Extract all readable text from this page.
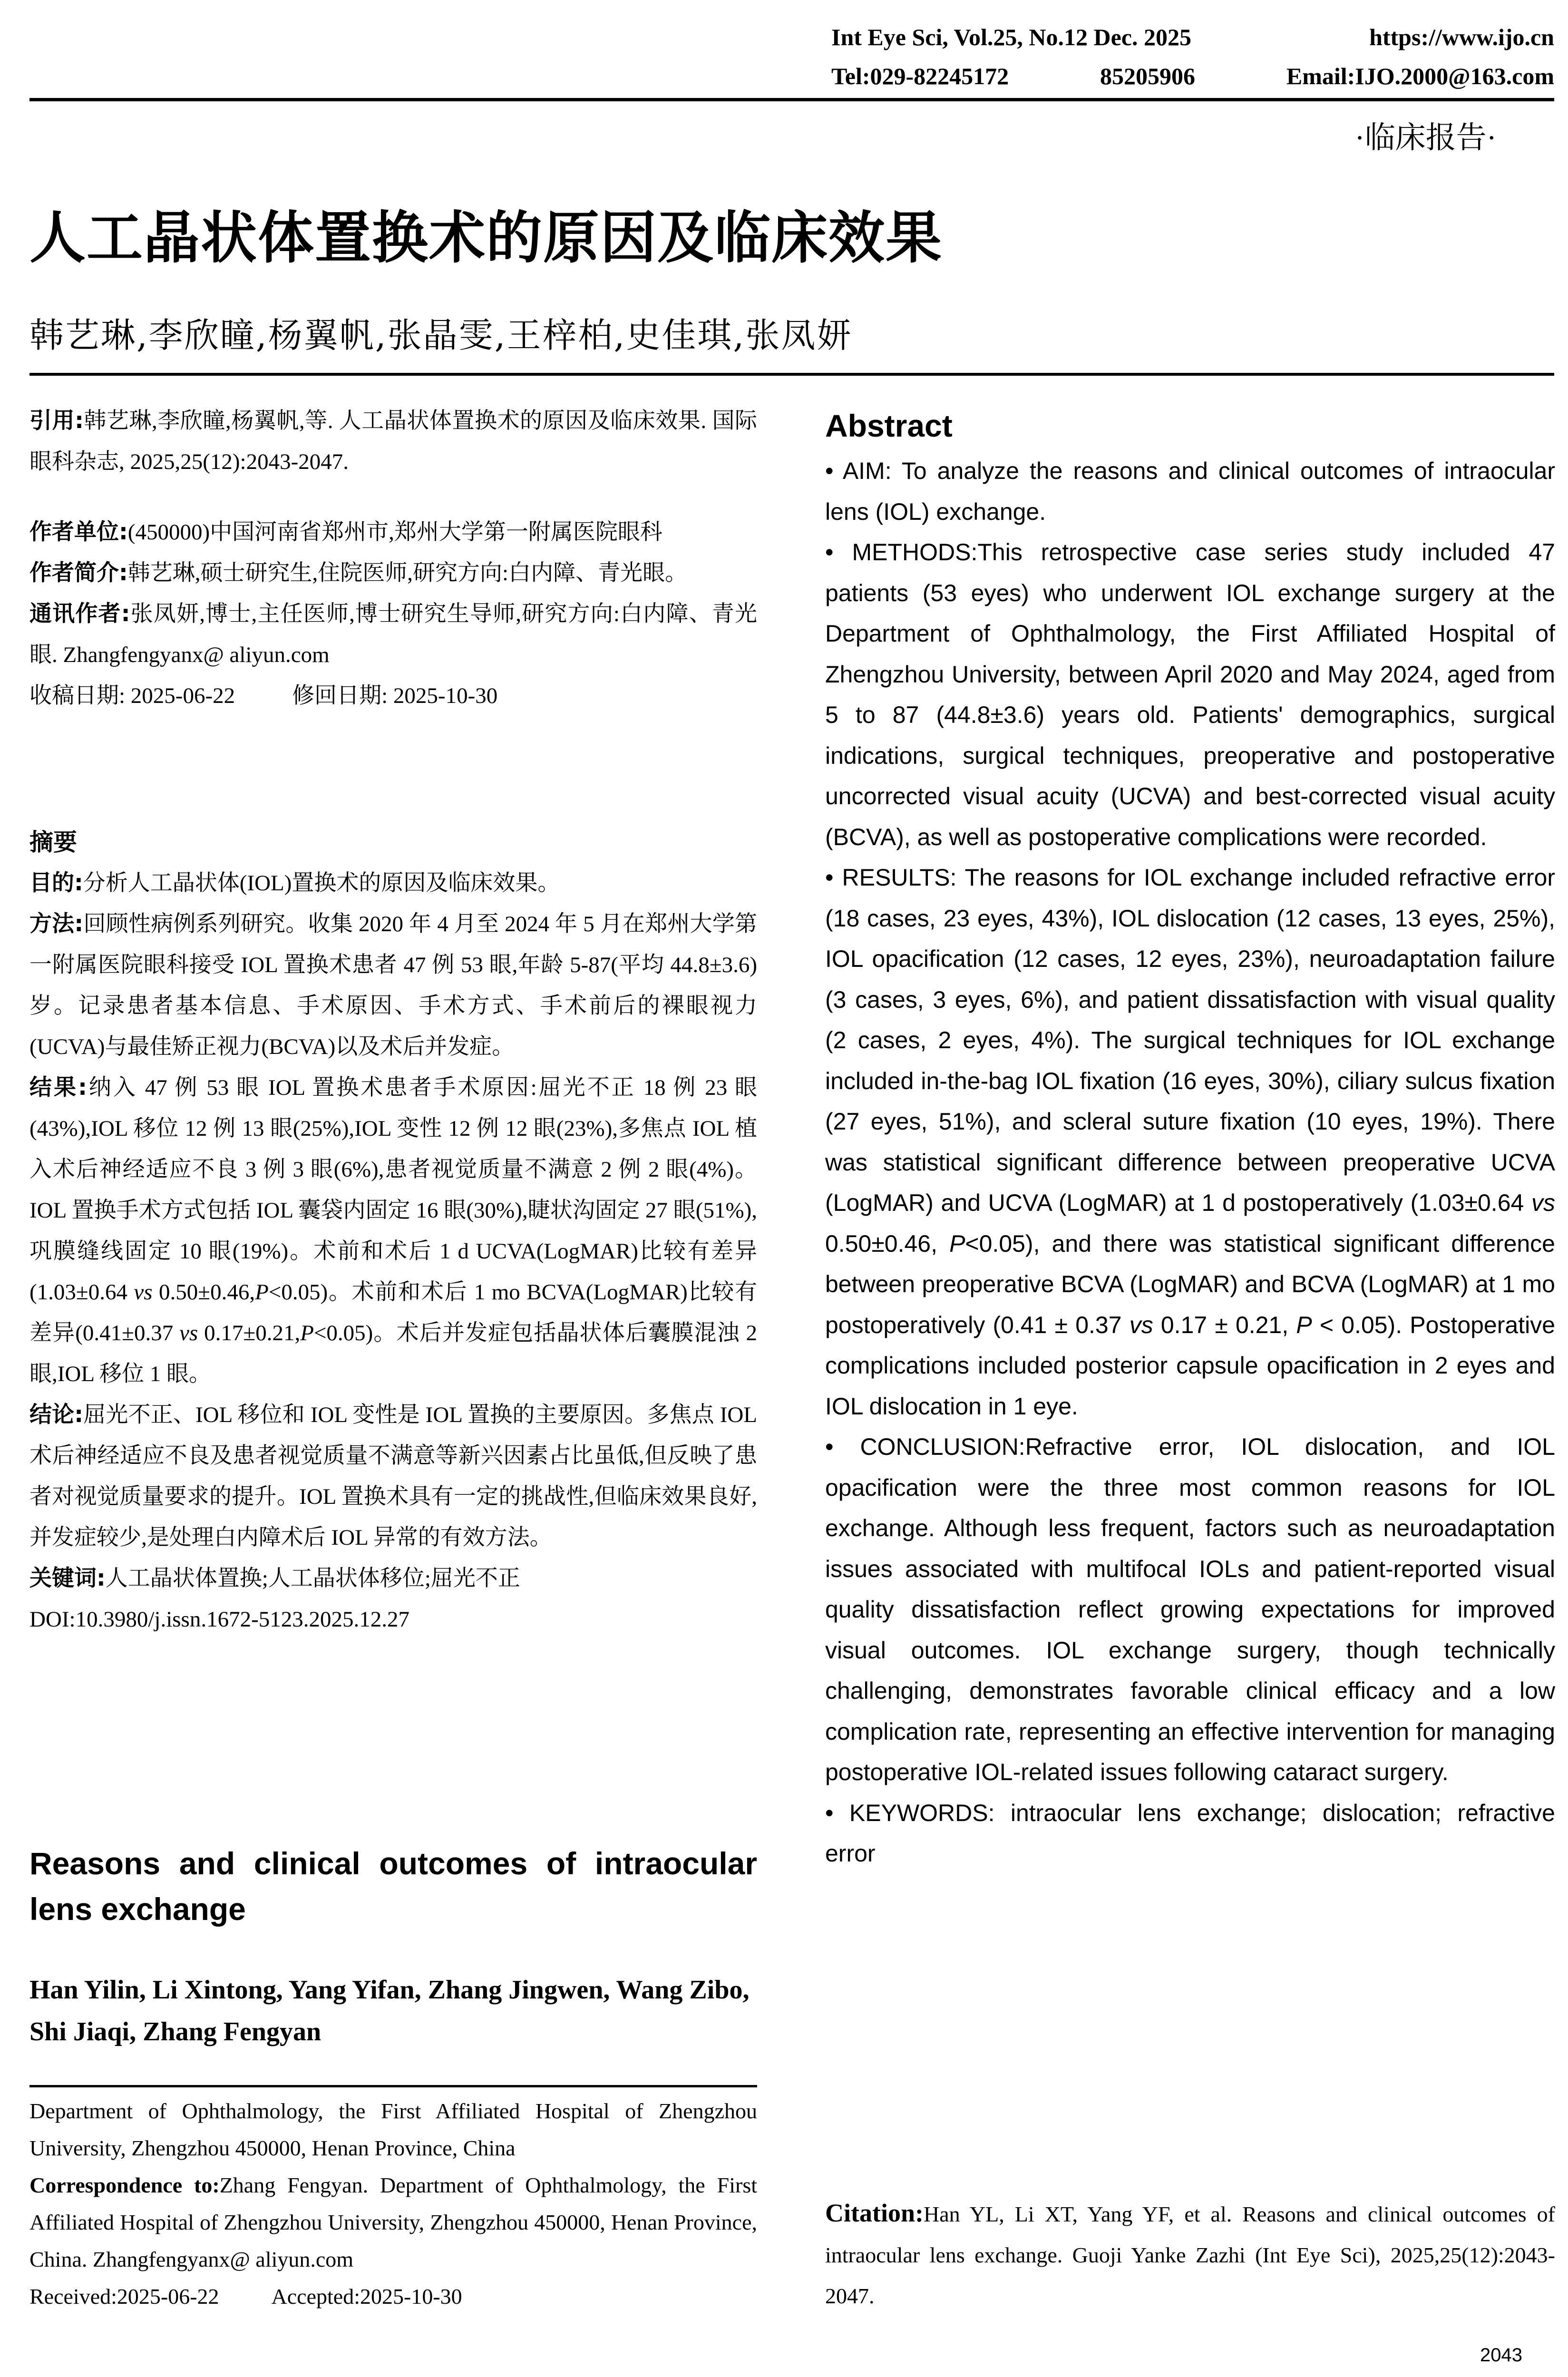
Int Eye Sci, Vol.25, No.12 Dec. 2025	https://www.ijo.cn
Tel:029-82245172	85205906	Email:IJO.2000@163.com
·临床报告·
人工晶状体置换术的原因及临床效果
韩艺琳,李欣瞳,杨翼帆,张晶雯,王梓柏,史佳琪,张凤妍

引用:韩艺琳,李欣瞳,杨翼帆,等. 人工晶状体置换术的原因及临床效果. 国际眼科杂志, 2025,25(12):2043-2047.

作者单位:(450000)中国河南省郑州市,郑州大学第一附属医院眼科

作者简介:韩艺琳,硕士研究生,住院医师,研究方向:白内障、青光眼。

通讯作者:张凤妍,博士,主任医师,博士研究生导师,研究方向:白内障、青光眼. Zhangfengyanx@ aliyun.com

收稿日期: 2025-06-22	修回日期: 2025-10-30

摘要

目的:分析人工晶状体(IOL)置换术的原因及临床效果。

方法:回顾性病例系列研究。收集 2020 年 4 月至 2024 年 5 月在郑州大学第一附属医院眼科接受 IOL 置换术患者 47 例 53 眼,年龄 5-87(平均 44.8±3.6)岁。记录患者基本信息、手术原因、手术方式、手术前后的裸眼视力(UCVA)与最佳矫正视力(BCVA)以及术后并发症。

结果:纳入 47 例 53 眼 IOL 置换术患者手术原因:屈光不正 18 例 23 眼(43%),IOL 移位 12 例 13 眼(25%),IOL 变性 12 例 12 眼(23%),多焦点 IOL 植入术后神经适应不良 3 例 3 眼(6%),患者视觉质量不满意 2 例 2 眼(4%)。IOL 置换手术方式包括 IOL 囊袋内固定 16 眼(30%),睫状沟固定 27 眼(51%),巩膜缝线固定 10 眼(19%)。术前和术后 1 d UCVA(LogMAR)比较有差异(1.03±0.64 vs 0.50±0.46,P<0.05)。术前和术后 1 mo BCVA(LogMAR)比较有差异(0.41±0.37 vs 0.17±0.21,P<0.05)。术后并发症包括晶状体后囊膜混浊 2 眼,IOL 移位 1 眼。

结论:屈光不正、IOL 移位和 IOL 变性是 IOL 置换的主要原因。多焦点 IOL 术后神经适应不良及患者视觉质量不满意等新兴因素占比虽低,但反映了患者对视觉质量要求的提升。IOL 置换术具有一定的挑战性,但临床效果良好,并发症较少,是处理白内障术后 IOL 异常的有效方法。

关键词:人工晶状体置换;人工晶状体移位;屈光不正

DOI:10.3980/j.issn.1672-5123.2025.12.27

Reasons and clinical outcomes of intraocular lens exchange
Han Yilin, Li Xintong, Yang Yifan, Zhang Jingwen, Wang Zibo, Shi Jiaqi, Zhang Fengyan

Department of Ophthalmology, the First Affiliated Hospital of Zhengzhou University, Zhengzhou 450000, Henan Province, China

Correspondence to:Zhang Fengyan. Department of Ophthalmology, the First Affiliated Hospital of Zhengzhou University, Zhengzhou 450000, Henan Province, China. Zhangfengyanx@ aliyun.com

Received:2025-06-22 Accepted:2025-10-30

Abstract

• AIM: To analyze the reasons and clinical outcomes of intraocular lens (IOL) exchange.

• METHODS:This retrospective case series study included 47 patients (53 eyes) who underwent IOL exchange surgery at the Department of Ophthalmology, the First Affiliated Hospital of Zhengzhou University, between April 2020 and May 2024, aged from 5 to 87 (44.8±3.6) years old. Patients' demographics, surgical indications, surgical techniques, preoperative and postoperative uncorrected visual acuity (UCVA) and best-corrected visual acuity (BCVA), as well as postoperative complications were recorded.

• RESULTS: The reasons for IOL exchange included refractive error (18 cases, 23 eyes, 43%), IOL dislocation (12 cases, 13 eyes, 25%), IOL opacification (12 cases, 12 eyes, 23%), neuroadaptation failure (3 cases, 3 eyes, 6%), and patient dissatisfaction with visual quality (2 cases, 2 eyes, 4%). The surgical techniques for IOL exchange included in-the-bag IOL fixation (16 eyes, 30%), ciliary sulcus fixation (27 eyes, 51%), and scleral suture fixation (10 eyes, 19%). There was statistical significant difference between preoperative UCVA (LogMAR) and UCVA (LogMAR) at 1 d postoperatively (1.03±0.64 vs 0.50±0.46, P<0.05), and there was statistical significant difference between preoperative BCVA (LogMAR) and BCVA (LogMAR) at 1 mo postoperatively (0.41 ± 0.37 vs 0.17 ± 0.21, P < 0.05). Postoperative complications included posterior capsule opacification in 2 eyes and IOL dislocation in 1 eye.

• CONCLUSION:Refractive error, IOL dislocation, and IOL opacification were the three most common reasons for IOL exchange. Although less frequent, factors such as neuroadaptation issues associated with multifocal IOLs and patient-reported visual quality dissatisfaction reflect growing expectations for improved visual outcomes. IOL exchange surgery, though technically challenging, demonstrates favorable clinical efficacy and a low complication rate, representing an effective intervention for managing postoperative IOL-related issues following cataract surgery.

• KEYWORDS: intraocular lens exchange; dislocation; refractive error

Citation:Han YL, Li XT, Yang YF, et al. Reasons and clinical outcomes of intraocular lens exchange. Guoji Yanke Zazhi (Int Eye Sci), 2025,25(12):2043-2047.
2043
